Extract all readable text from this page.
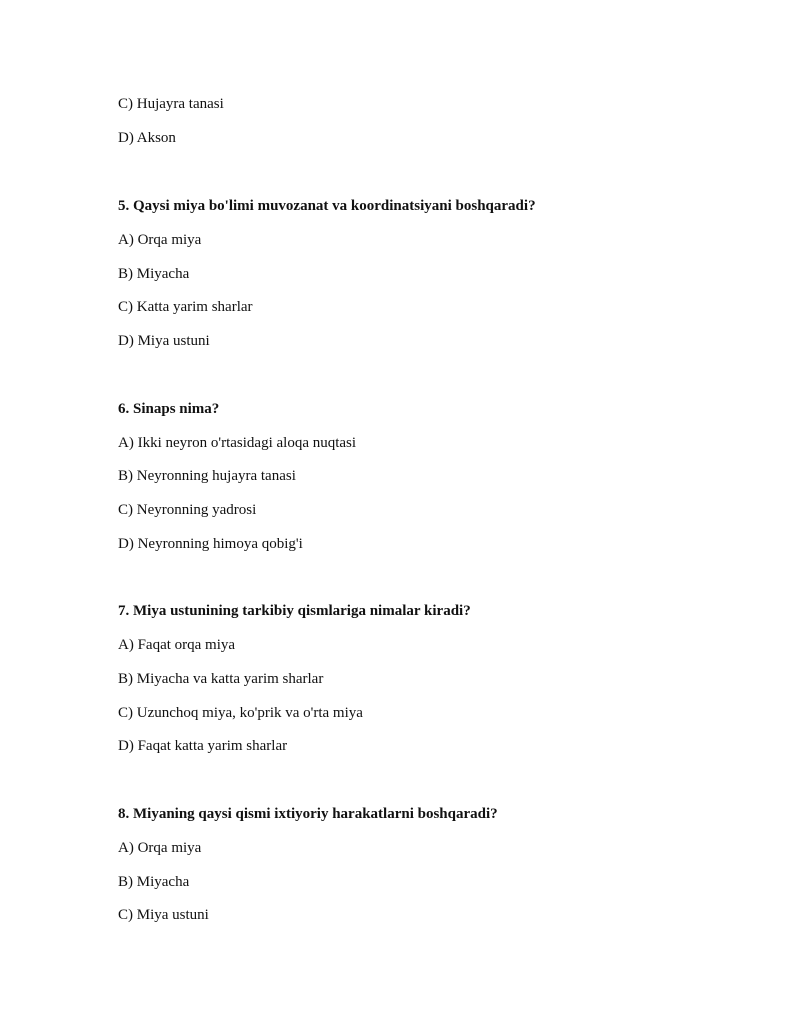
C) Hujayra tanasi
D) Akson
5. Qaysi miya bo'limi muvozanat va koordinatsiyani boshqaradi?
A) Orqa miya
B) Miyacha
C) Katta yarim sharlar
D) Miya ustuni
6. Sinaps nima?
A) Ikki neyron o'rtasidagi aloqa nuqtasi
B) Neyronning hujayra tanasi
C) Neyronning yadrosi
D) Neyronning himoya qobig'i
7. Miya ustunining tarkibiy qismlariga nimalar kiradi?
A) Faqat orqa miya
B) Miyacha va katta yarim sharlar
C) Uzunchoq miya, ko'prik va o'rta miya
D) Faqat katta yarim sharlar
8. Miyaning qaysi qismi ixtiyoriy harakatlarni boshqaradi?
A) Orqa miya
B) Miyacha
C) Miya ustuni
